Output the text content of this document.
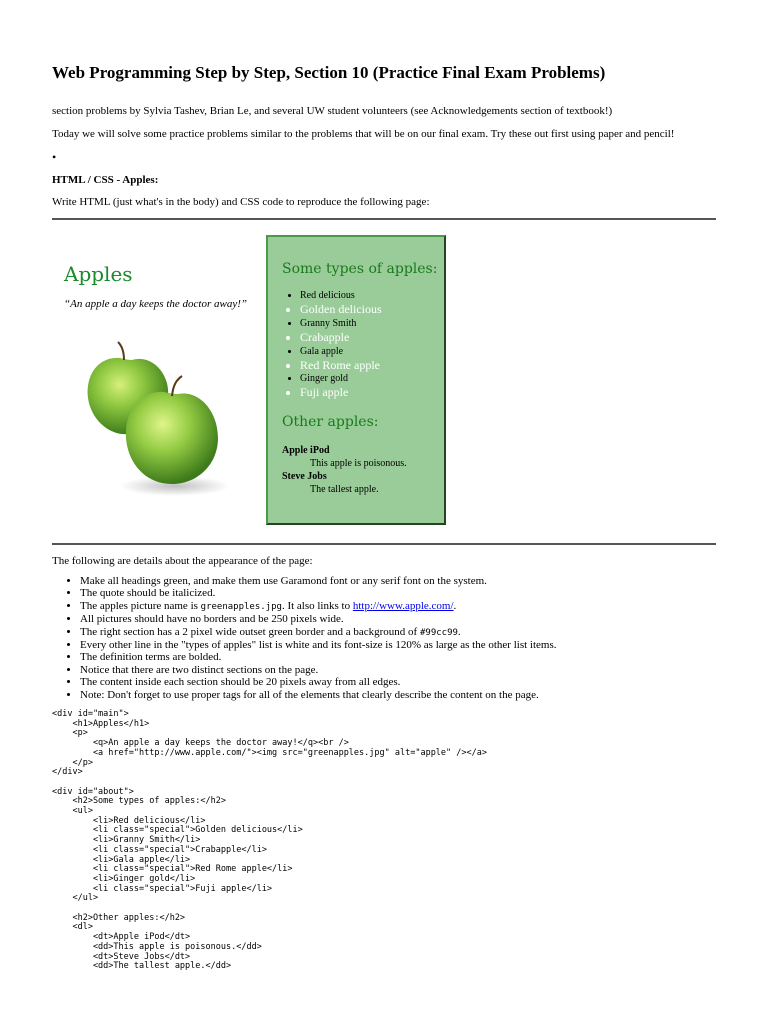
Web Programming Step by Step, Section 10 (Practice Final Exam Problems)

section problems by Sylvia Tashev, Brian Le, and several UW student volunteers (see Acknowledgements section of textbook!)

Today we will solve some practice problems similar to the problems that will be on our final exam. Try these out first using paper and pencil!

•
HTML / CSS - Apples:

Write HTML (just what's in the body) and CSS code to reproduce the following page:

Apples

“An apple a day keeps the doctor away!”

Some types of apples:
• Red delicious
• Golden delicious
• Granny Smith
• Crabapple
• Gala apple
• Red Rome apple
• Ginger gold
• Fuji apple
Other apples:
Apple iPod
This apple is poisonous.
Steve Jobs
The tallest apple.

The following are details about the appearance of the page:

• Make all headings green, and make them use Garamond font or any serif font on the system.
• The quote should be italicized.
• The apples picture name is greenapples.jpg. It also links to http://www.apple.com/.
• All pictures should have no borders and be 250 pixels wide.
• The right section has a 2 pixel wide outset green border and a background of #99cc99.
• Every other line in the "types of apples" list is white and its font-size is 120% as large as the other list items.
• The definition terms are bolded.
• Notice that there are two distinct sections on the page.
• The content inside each section should be 20 pixels away from all edges.
• Note: Don't forget to use proper tags for all of the elements that clearly describe the content on the page.
<div id="main">
<h1>Apples</h1>
<p>
<q>An apple a day keeps the doctor away!</q><br />
<a href="http://www.apple.com/"><img src="greenapples.jpg" alt="apple" /></a>
</p>
</div>

<div id="about">
<h2>Some types of apples:</h2>
<ul>
<li>Red delicious</li>
<li class="special">Golden delicious</li>
<li>Granny Smith</li>
<li class="special">Crabapple</li>
<li>Gala apple</li>
<li class="special">Red Rome apple</li>
<li>Ginger gold</li>
<li class="special">Fuji apple</li>
</ul>

<h2>Other apples:</h2>
<dl>
<dt>Apple iPod</dt>
<dd>This apple is poisonous.</dd>
<dt>Steve Jobs</dt>
<dd>The tallest apple.</dd>
